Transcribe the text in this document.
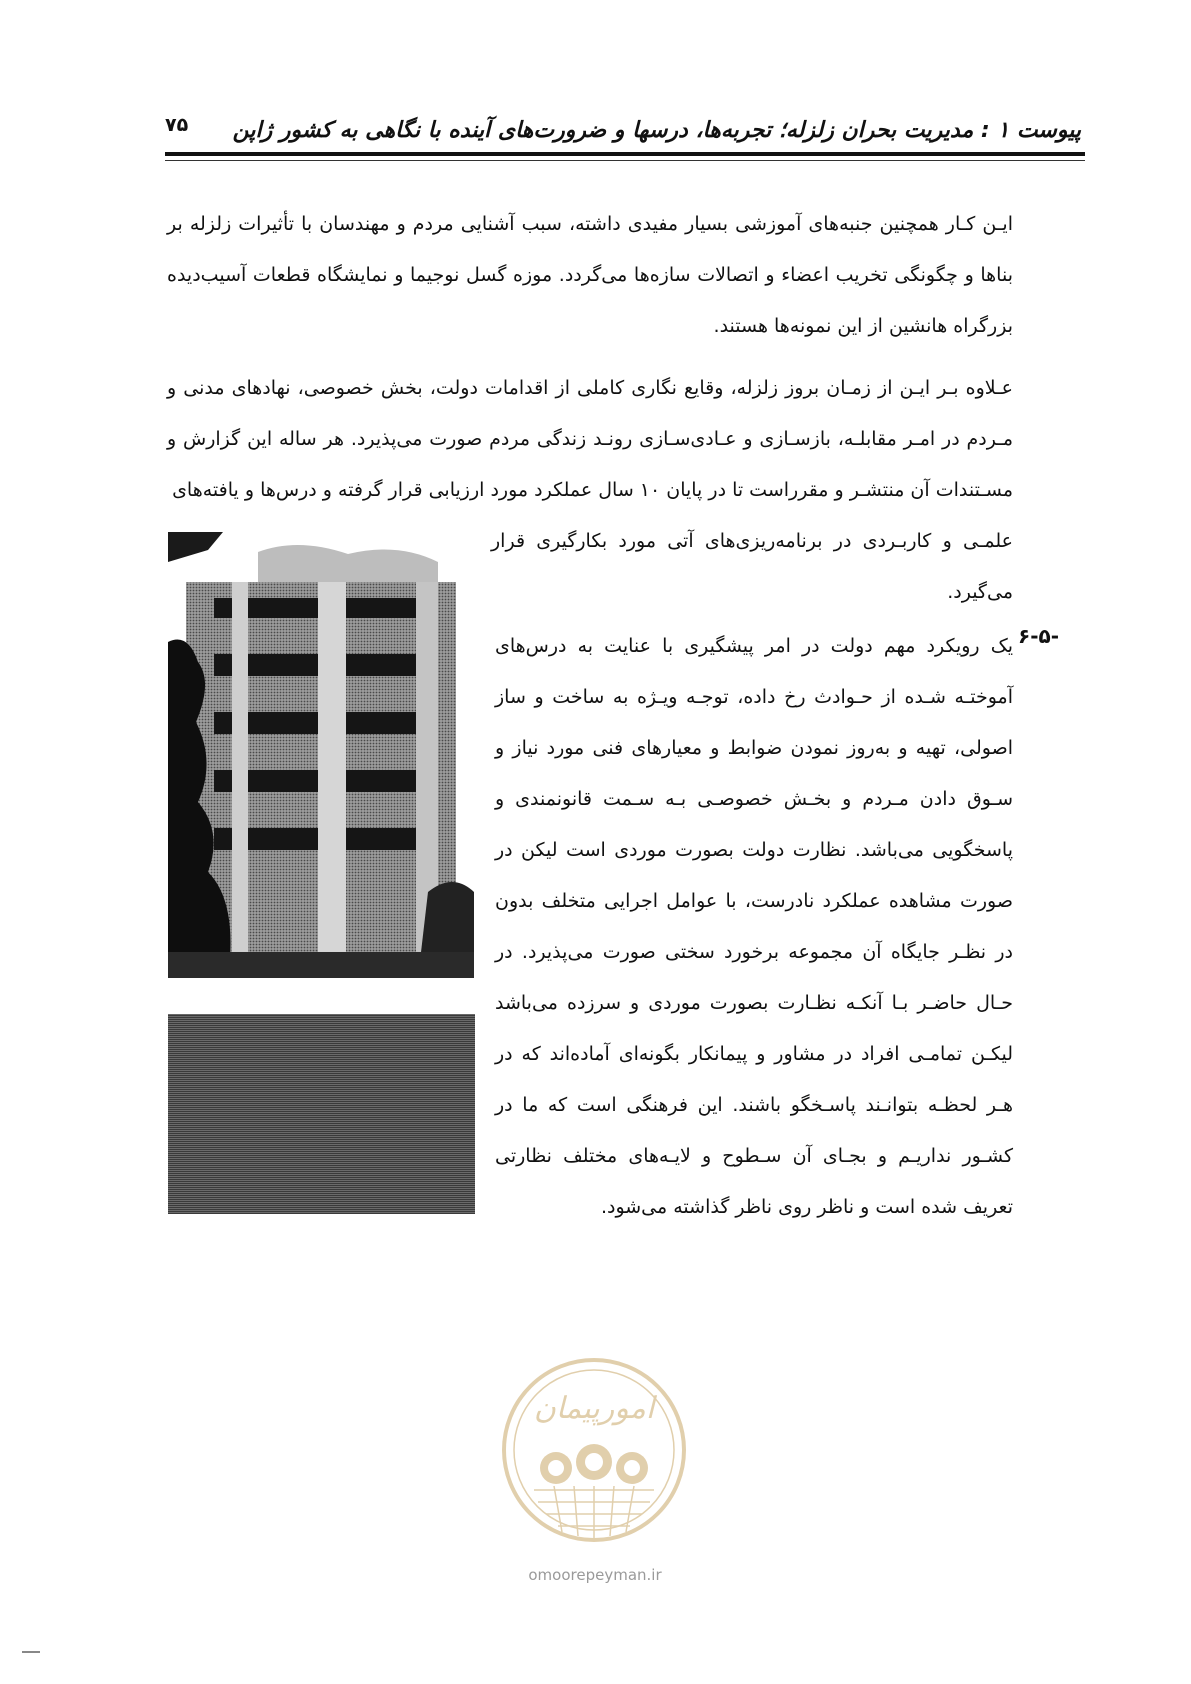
پیوست ۱ : مدیریت بحران زلزله؛ تجربه‌ها، درسها و ضرورت‌های آینده با نگاهی به کشور ژاپن
۷۵

ایـن کـار همچنین جنبه‌های آموزشی بسیار مفیدی داشته، سبب آشنایی مردم و مهندسان با تأثیرات زلزله بر بناها و چگونگی تخریب اعضاء و اتصالات سازه‌ها می‌گردد. موزه گسل نوجیما و نمایشگاه قطعات آسیب‌دیده بزرگراه هانشین از این نمونه‌ها هستند.

عـلاوه بـر ایـن از زمـان بروز زلزله، وقایع نگاری کاملی از اقدامات دولت، بخش خصوصی، نهادهای مدنی و مـردم در امـر مقابلـه، بازسـازی و عـادی‌سـازی رونـد زندگی مردم صورت می‌پذیرد. هر ساله این گزارش و مسـتندات آن منتشـر و مقرراست تا در پایان ۱۰ سال عملکرد مورد ارزیابی قرار گرفته و درس‌ها و یافته‌های

علمـی و کاربـردی در برنامه‌ریزی‌های آتی مورد بکارگیری قرار می‌گیرد.

۶-۵-

یک رویکرد مهم دولت در امر پیشگیری با عنایت به درس‌های آموختـه شـده از حـوادث رخ داده، توجـه ویـژه به ساخت و ساز اصولی، تهیه و به‌روز نمودن ضوابط و معیارهای فنی مورد نیاز و سـوق دادن مـردم و بخـش خصوصـی بـه سـمت قانونمندی و پاسخگویی می‌باشد. نظارت دولت بصورت موردی است لیکن در صورت مشاهده عملکرد نادرست، با عوامل اجرایی متخلف بدون در نظـر جایگاه آن مجموعه برخورد سختی صورت می‌پذیرد. در حـال حاضـر بـا آنکـه نظـارت بصورت موردی و سرزده می‌باشد لیکـن تمامـی افراد در مشاور و پیمانکار بگونه‌ای آماده‌اند که در هـر لحظـه بتوانـند پاسـخگو باشند. این فرهنگی است که ما در کشـور نداریـم و بجـای آن سـطوح و لایـه‌های مختلف نظارتی تعریف شده است و ناظر روی ناظر گذاشته می‌شود.

امورپیمان
omoorepeyman.ir
